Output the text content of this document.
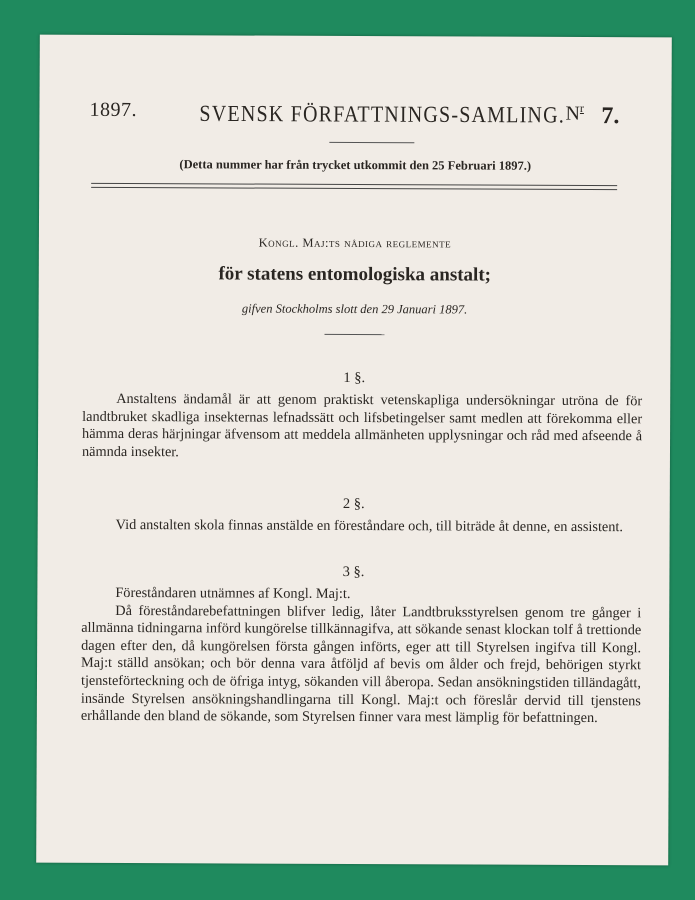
1897.	SVENSK FÖRFATTNINGS-SAMLING. $N^r$ 7.
(Detta nummer har från trycket utkommit den 25 Februari 1897.)
Kongl. Maj:ts nådiga reglemente
för statens entomologiska anstalt;
gifven Stockholms slott den 29 Januari 1897.
1 §.

Anstaltens ändamål är att genom praktiskt vetenskapliga undersökningar utröna de för landtbruket skadliga insekternas lefnadssätt och lifsbetingelser samt medlen att förekomma eller hämma deras härjningar äfvensom att meddela allmänheten upplysningar och råd med afseende å nämnda insekter.

2 §.

Vid anstalten skola finnas anstälde en föreståndare och, till biträde åt denne, en assistent.

3 §.

Föreståndaren utnämnes af Kongl. Maj:t.

Då föreståndarebefattningen blifver ledig, låter Landtbruksstyrelsen genom tre gånger i allmänna tidningarna införd kungörelse tillkännagifva, att sökande senast klockan tolf å trettionde dagen efter den, då kungörelsen första gången införts, eger att till Styrelsen ingifva till Kongl. Maj:t ställd ansökan; och bör denna vara åtföljd af bevis om ålder och frejd, behörigen styrkt tjensteförteckning och de öfriga intyg, sökanden vill åberopa. Sedan ansökningstiden tilländagått, insände Styrelsen ansökningshandlingarna till Kongl. Maj:t och föreslår dervid till tjenstens erhållande den bland de sökande, som Styrelsen finner vara mest lämplig för befattningen.
